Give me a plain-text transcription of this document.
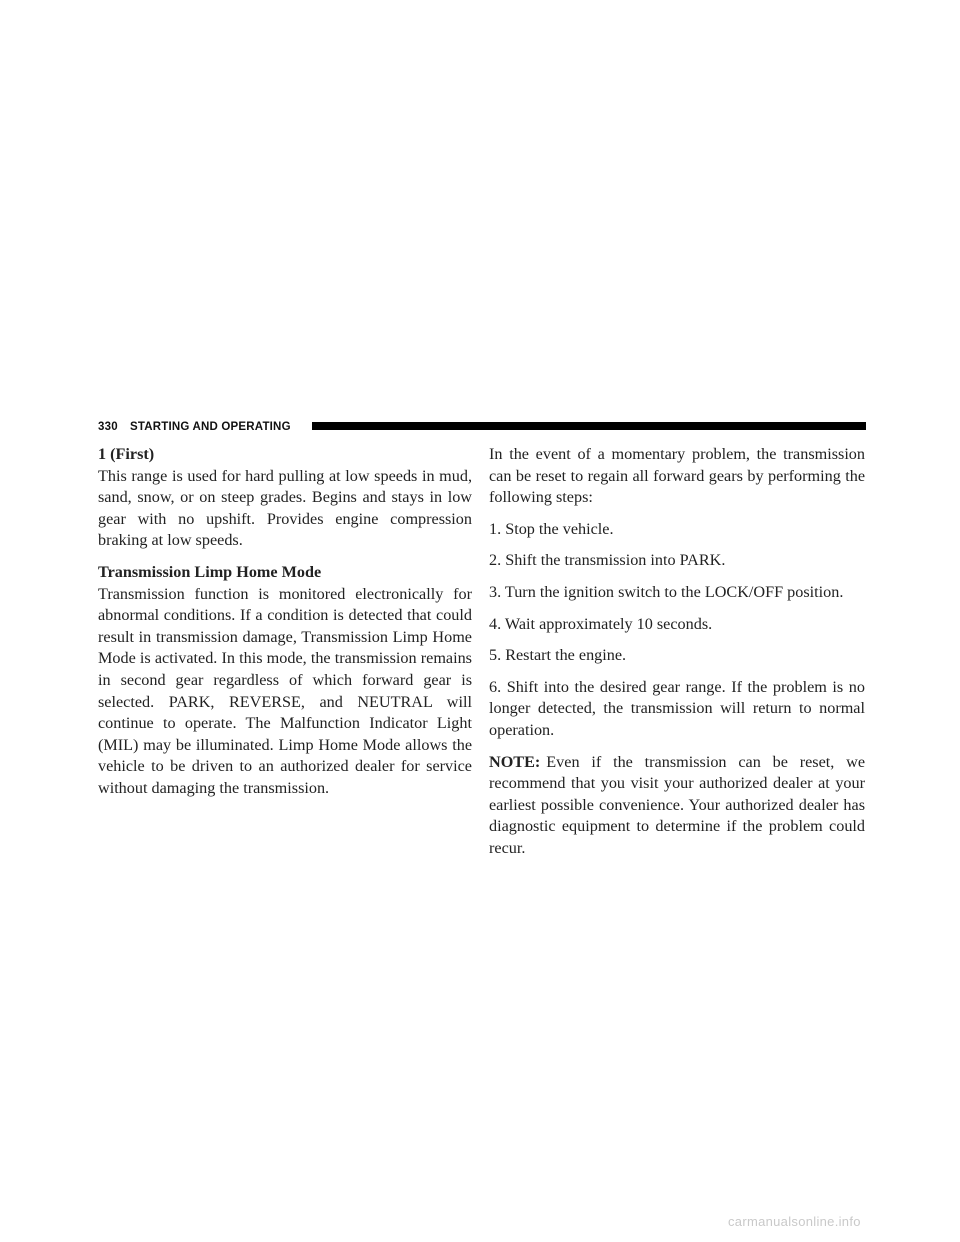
330 STARTING AND OPERATING

1 (First)

This range is used for hard pulling at low speeds in mud, sand, snow, or on steep grades. Begins and stays in low gear with no upshift. Provides engine compression braking at low speeds.

Transmission Limp Home Mode

Transmission function is monitored electronically for abnormal conditions. If a condition is detected that could result in transmission damage, Transmission Limp Home Mode is activated. In this mode, the transmission remains in second gear regardless of which forward gear is selected. PARK, REVERSE, and NEUTRAL will continue to operate. The Malfunction Indicator Light (MIL) may be illuminated. Limp Home Mode allows the vehicle to be driven to an authorized dealer for service without damaging the transmission.

In the event of a momentary problem, the transmission can be reset to regain all forward gears by performing the following steps:

1. Stop the vehicle.

2. Shift the transmission into PARK.

3. Turn the ignition switch to the LOCK/OFF position.

4. Wait approximately 10 seconds.

5. Restart the engine.

6. Shift into the desired gear range. If the problem is no longer detected, the transmission will return to normal operation.

NOTE: Even if the transmission can be reset, we recommend that you visit your authorized dealer at your earliest possible convenience. Your authorized dealer has diagnostic equipment to determine if the problem could recur.

carmanualsonline.info
